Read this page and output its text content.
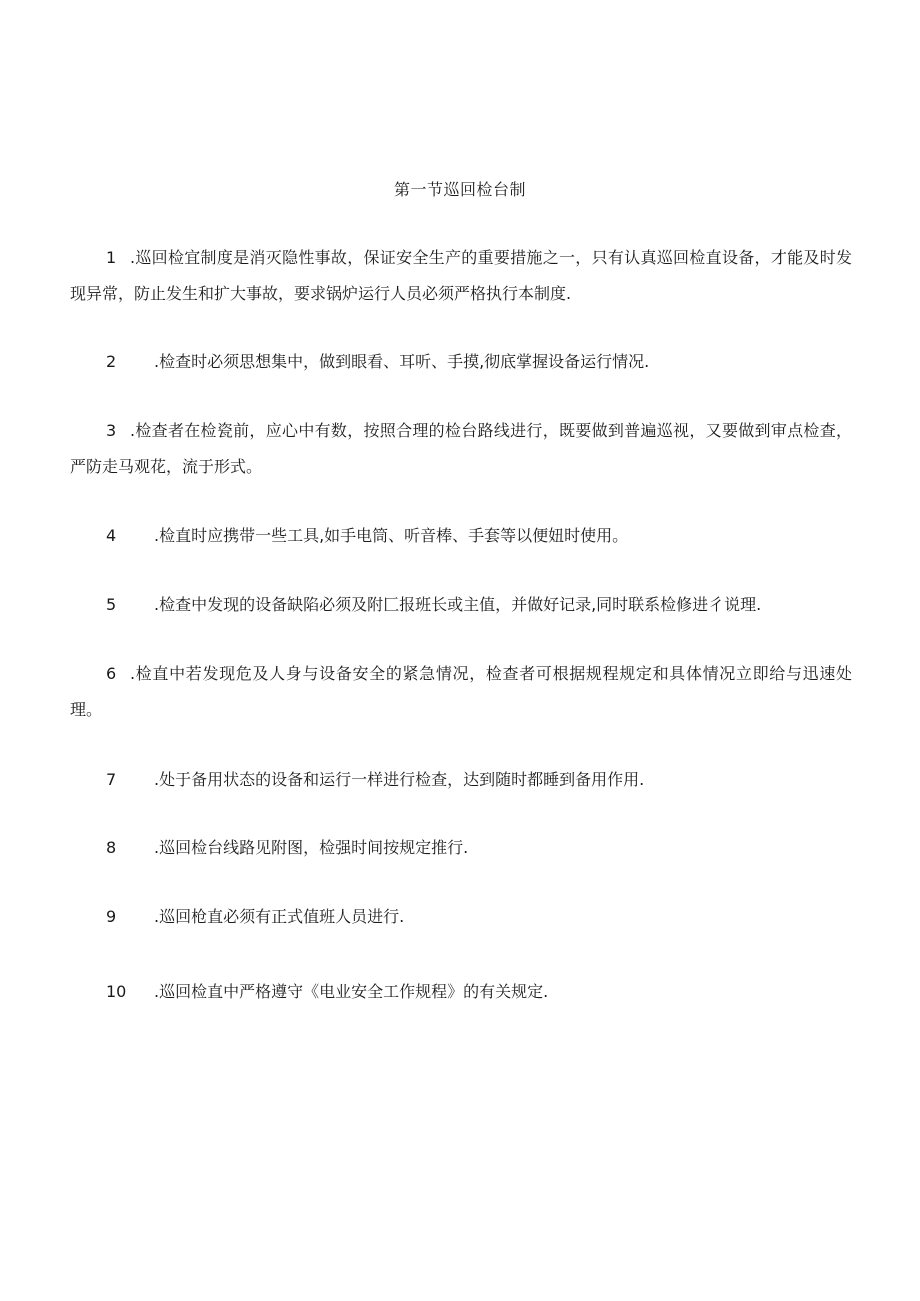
第一节巡回检台制
1 .巡回检宜制度是消灭隐性事故，保证安全生产的重要措施之一，只有认真巡回检直设备，才能及时发现异常，防止发生和扩大事故，要求锅炉运行人员必须严格执行本制度.
2 .检查时必须思想集中，做到眼看、耳听、手摸,彻底掌握设备运行情况.
3 .检查者在检瓷前，应心中有数，按照合理的检台路线进行，既要做到普遍巡视，又要做到审点检查，严防走马观花，流于形式。
4 .检直时应携带一些工具,如手电筒、听音棒、手套等以便妞时使用。
5 .检查中发现的设备缺陷必须及附匚报班长或主值，并做好记录,同时联系检修进彳说理.
6 .检直中若发现危及人身与设备安全的紧急情况，检查者可根据规程规定和具体情况立即给与迅速处理。
7 .处于备用状态的设备和运行一样进行检查，达到随时都睡到备用作用.
8 .巡回检台线路见附图，检强时间按规定推行.
9 .巡回枪直必须有正式值班人员进行.
10 .巡回检直中严格遵守《电业安全工作规程》的有关规定.
